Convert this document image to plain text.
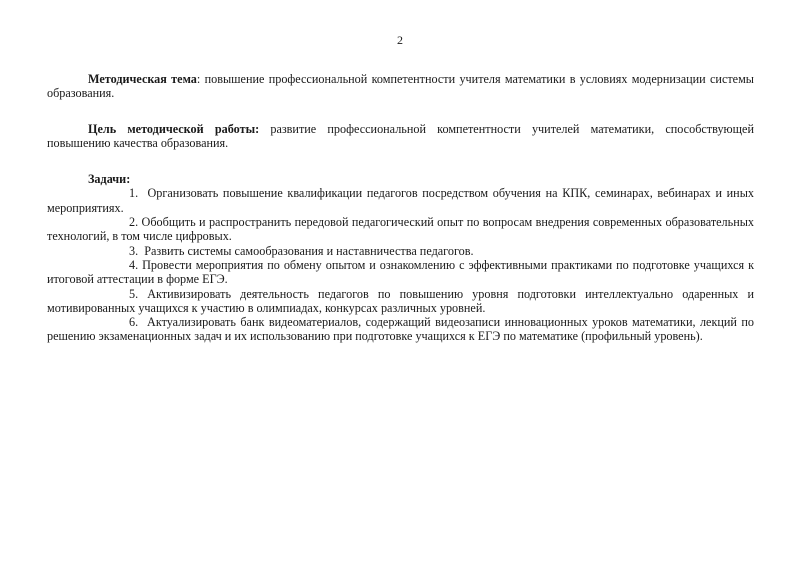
2

Методическая тема: повышение профессиональной компетентности учителя математики в условиях модернизации системы образования.

Цель методической работы: развитие профессиональной компетентности учителей математики, способствующей повышению качества образования.

Задачи:

1. Организовать повышение квалификации педагогов посредством обучения на КПК, семинарах, вебинарах и иных мероприятиях.

2. Обобщить и распространить передовой педагогический опыт по вопросам внедрения современных образовательных технологий, в том числе цифровых.

3. Развить системы самообразования и наставничества педагогов.

4. Провести мероприятия по обмену опытом и ознакомлению с эффективными практиками по подготовке учащихся к итоговой аттестации в форме ЕГЭ.

5. Активизировать деятельность педагогов по повышению уровня подготовки интеллектуально одаренных и мотивированных учащихся к участию в олимпиадах, конкурсах различных уровней.

6. Актуализировать банк видеоматериалов, содержащий видеозаписи инновационных уроков математики, лекций по решению экзаменационных задач и их использованию при подготовке учащихся к ЕГЭ по математике (профильный уровень).
